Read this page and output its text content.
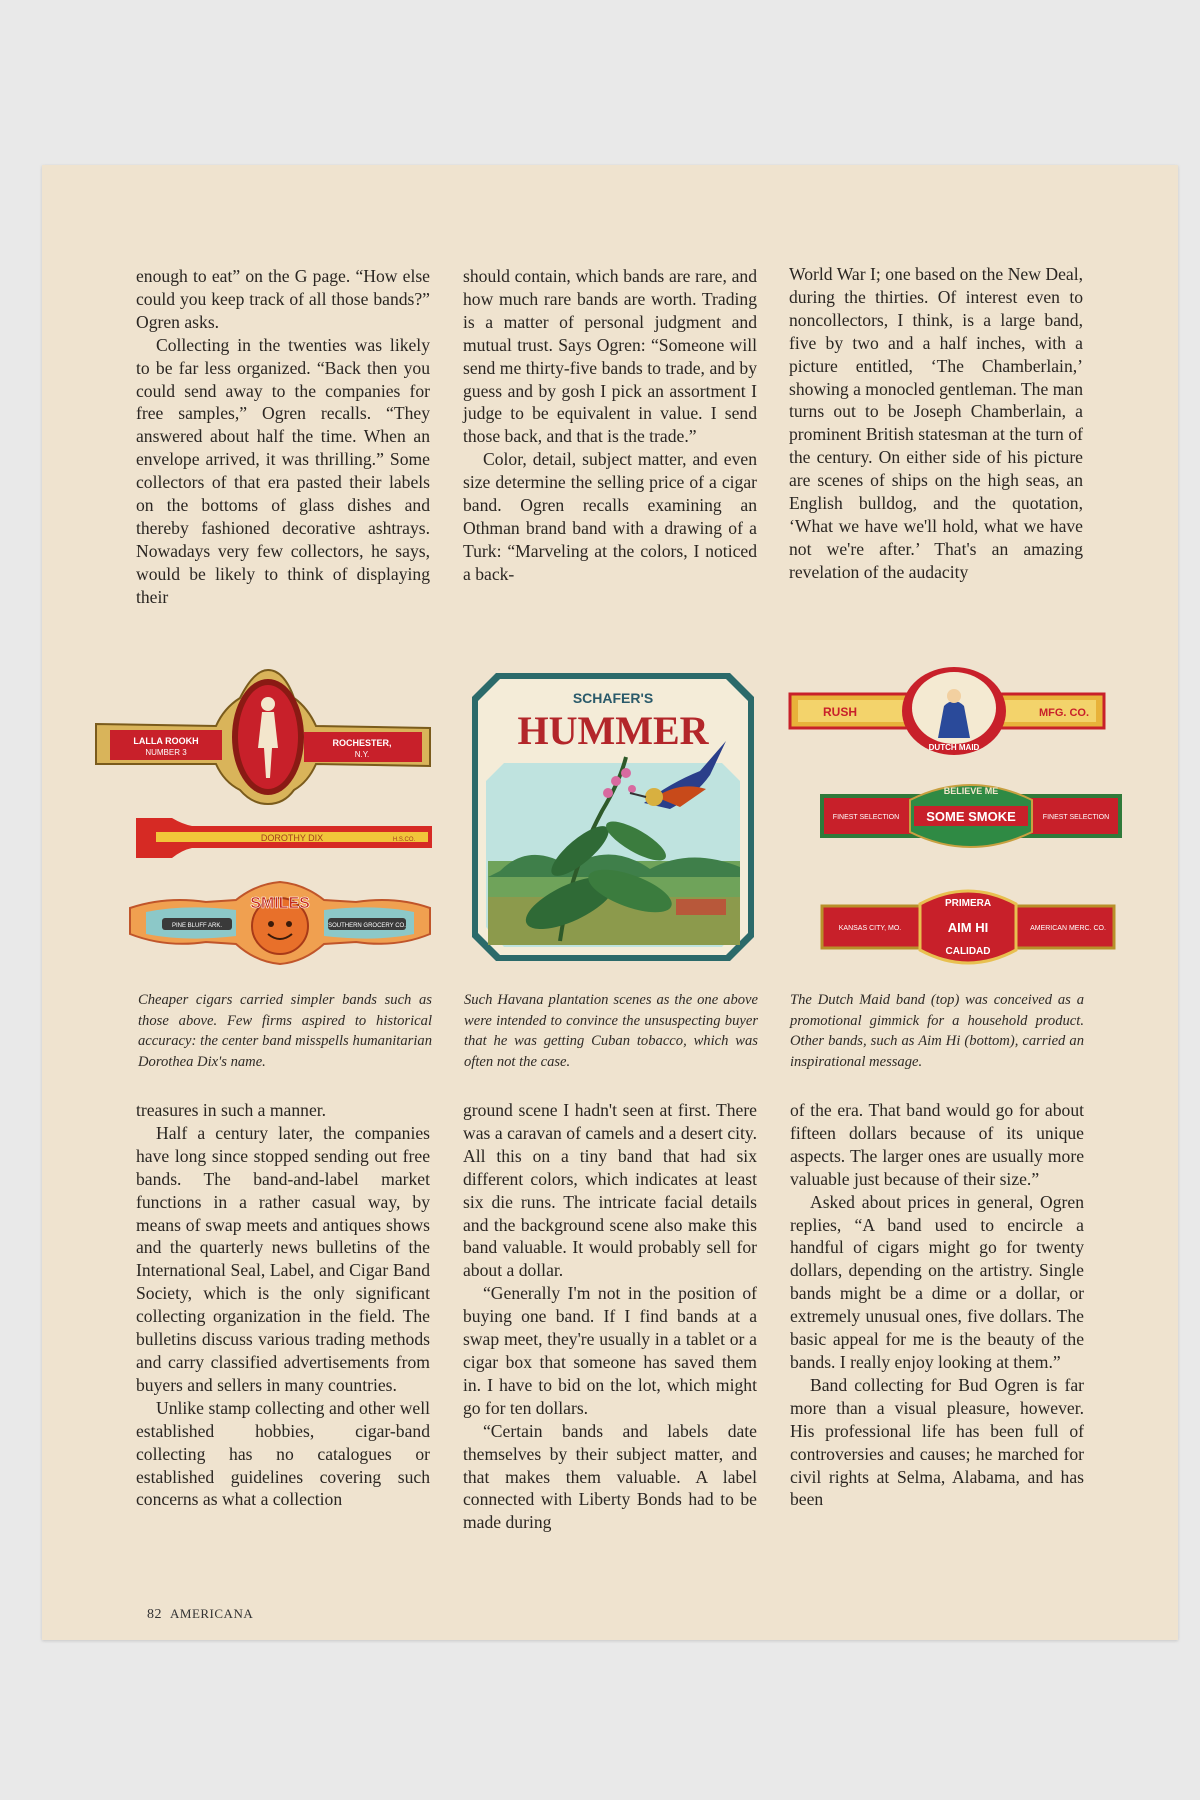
enough to eat” on the G page. “How else could you keep track of all those bands?” Ogren asks.

Collecting in the twenties was likely to be far less organized. “Back then you could send away to the companies for free samples,” Ogren recalls. “They answered about half the time. When an envelope arrived, it was thrilling.” Some collectors of that era pasted their labels on the bottoms of glass dishes and thereby fashioned decorative ashtrays. Nowadays very few collectors, he says, would be likely to think of displaying their

should contain, which bands are rare, and how much rare bands are worth. Trading is a matter of personal judgment and mutual trust. Says Ogren: “Someone will send me thirty-five bands to trade, and by guess and by gosh I pick an assortment I judge to be equivalent in value. I send those back, and that is the trade.”

Color, detail, subject matter, and even size determine the selling price of a cigar band. Ogren recalls examining an Othman brand band with a drawing of a Turk: “Marveling at the colors, I noticed a back-

World War I; one based on the New Deal, during the thirties. Of interest even to noncollectors, I think, is a large band, five by two and a half inches, with a picture entitled, ‘The Chamberlain,’ showing a monocled gentleman. The man turns out to be Joseph Chamberlain, a prominent British statesman at the turn of the century. On either side of his picture are scenes of ships on the high seas, an English bulldog, and the quotation, ‘What we have we'll hold, what we have not we're after.’ That's an amazing revelation of the audacity

LALLA ROOKH
NUMBER 3
ROCHESTER,
N.Y.
DOROTHY DIX	H.S.CO.
SMILES
PINE BLUFF ARK.	SOUTHERN GROCERY CO.
SCHAFER'S
HUMMER	RUSH	MFG. CO.
DUTCH MAID
BELIEVE ME
SOME SMOKE
FINEST SELECTION	FINEST SELECTION
PRIMERA
AIM HI
CALIDAD
KANSAS CITY, MO.	AMERICAN MERC. CO.
Cheaper cigars carried simpler bands such as those above. Few firms aspired to historical accuracy: the center band misspells humanitarian Dorothea Dix's name.
Such Havana plantation scenes as the one above were intended to convince the unsuspecting buyer that he was getting Cuban tobacco, which was often not the case.
The Dutch Maid band (top) was conceived as a promotional gimmick for a household product. Other bands, such as Aim Hi (bottom), carried an inspirational message.

treasures in such a manner.

Half a century later, the companies have long since stopped sending out free bands. The band-and-label market functions in a rather casual way, by means of swap meets and antiques shows and the quarterly news bulletins of the International Seal, Label, and Cigar Band Society, which is the only significant collecting organization in the field. The bulletins discuss various trading methods and carry classified advertisements from buyers and sellers in many countries.

Unlike stamp collecting and other well established hobbies, cigar-band collecting has no catalogues or established guidelines covering such concerns as what a collection

ground scene I hadn't seen at first. There was a caravan of camels and a desert city. All this on a tiny band that had six different colors, which indicates at least six die runs. The intricate facial details and the background scene also make this band valuable. It would probably sell for about a dollar.

“Generally I'm not in the position of buying one band. If I find bands at a swap meet, they're usually in a tablet or a cigar box that someone has saved them in. I have to bid on the lot, which might go for ten dollars.

“Certain bands and labels date themselves by their subject matter, and that makes them valuable. A label connected with Liberty Bonds had to be made during

of the era. That band would go for about fifteen dollars because of its unique aspects. The larger ones are usually more valuable just because of their size.”

Asked about prices in general, Ogren replies, “A band used to encircle a handful of cigars might go for twenty dollars, depending on the artistry. Single bands might be a dime or a dollar, or extremely unusual ones, five dollars. The basic appeal for me is the beauty of the bands. I really enjoy looking at them.”

Band collecting for Bud Ogren is far more than a visual pleasure, however. His professional life has been full of controversies and causes; he marched for civil rights at Selma, Alabama, and has been

82 AMERICANA
